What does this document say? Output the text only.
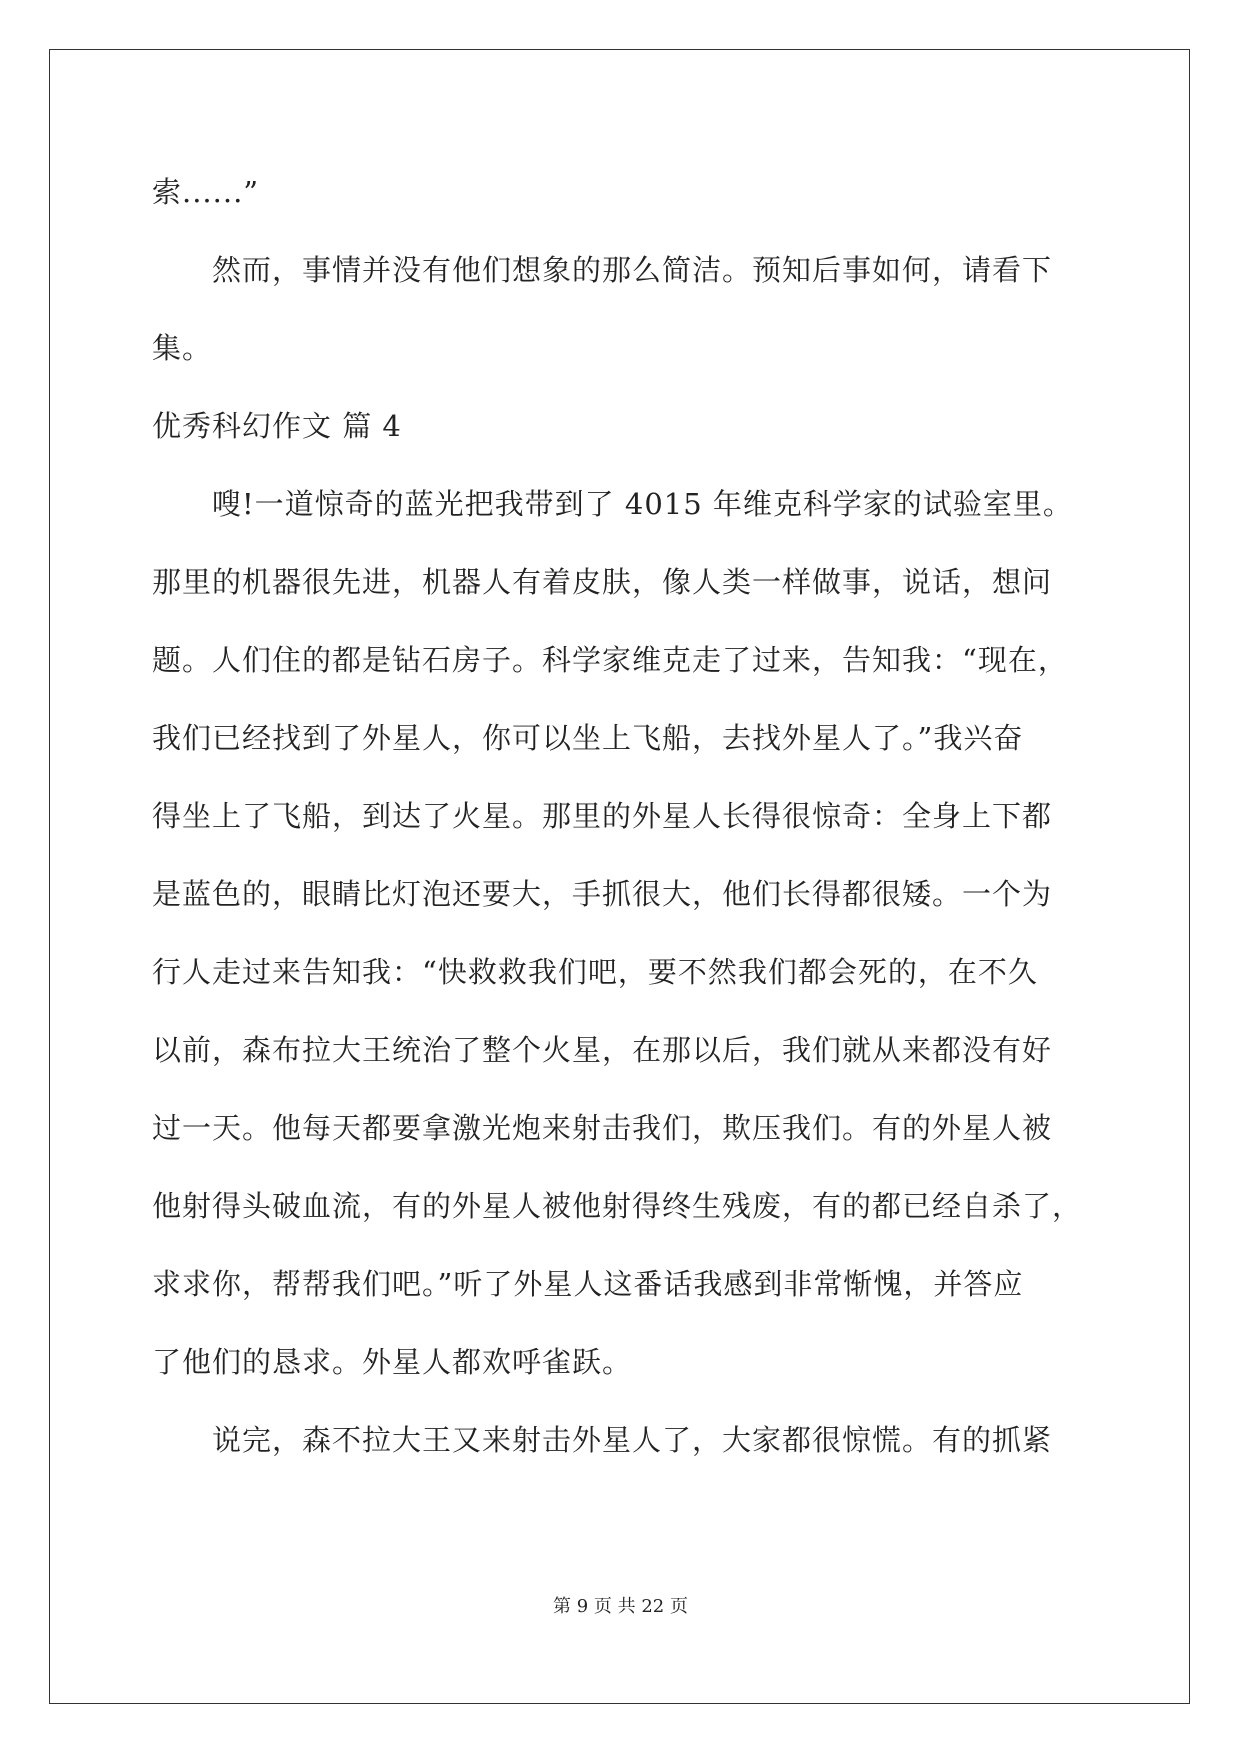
索......”
然而，事情并没有他们想象的那么简洁。预知后事如何，请看下
集。
优秀科幻作文 篇 4
嗖!一道惊奇的蓝光把我带到了 4015 年维克科学家的试验室里。
那里的机器很先进，机器人有着皮肤，像人类一样做事，说话，想问
题。人们住的都是钻石房子。科学家维克走了过来，告知我：“现在，
我们已经找到了外星人，你可以坐上飞船，去找外星人了。”我兴奋
得坐上了飞船，到达了火星。那里的外星人长得很惊奇：全身上下都
是蓝色的，眼睛比灯泡还要大，手抓很大，他们长得都很矮。一个为
行人走过来告知我：“快救救我们吧，要不然我们都会死的，在不久
以前，森布拉大王统治了整个火星，在那以后，我们就从来都没有好
过一天。他每天都要拿激光炮来射击我们，欺压我们。有的外星人被
他射得头破血流，有的外星人被他射得终生残废，有的都已经自杀了，
求求你，帮帮我们吧。”听了外星人这番话我感到非常惭愧，并答应
了他们的恳求。外星人都欢呼雀跃。
说完，森不拉大王又来射击外星人了，大家都很惊慌。有的抓紧
第 9 页 共 22 页
